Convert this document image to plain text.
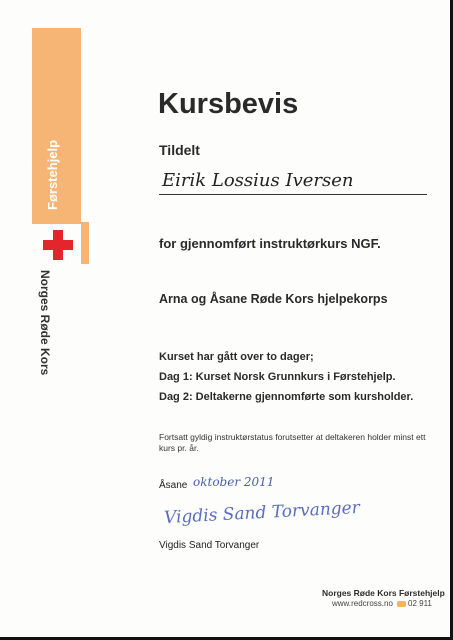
Førstehjelp
Norges Røde Kors
Kursbevis
Tildelt
Eirik Lossius Iversen
for gjennomført instruktørkurs NGF.
Arna og Åsane Røde Kors hjelpekorps
Kurset har gått over to dager;
Dag 1: Kurset Norsk Grunnkurs i Førstehjelp.
Dag 2: Deltakerne gjennomførte som kursholder.
Fortsatt gyldig instruktørstatus forutsetter at deltakeren holder minst ett kurs pr. år.
Åsane oktober 2011
Vigdis Sand Torvanger
Vigdis Sand Torvanger
Norges Røde Kors Førstehjelp
www.redcross.no	02 911
